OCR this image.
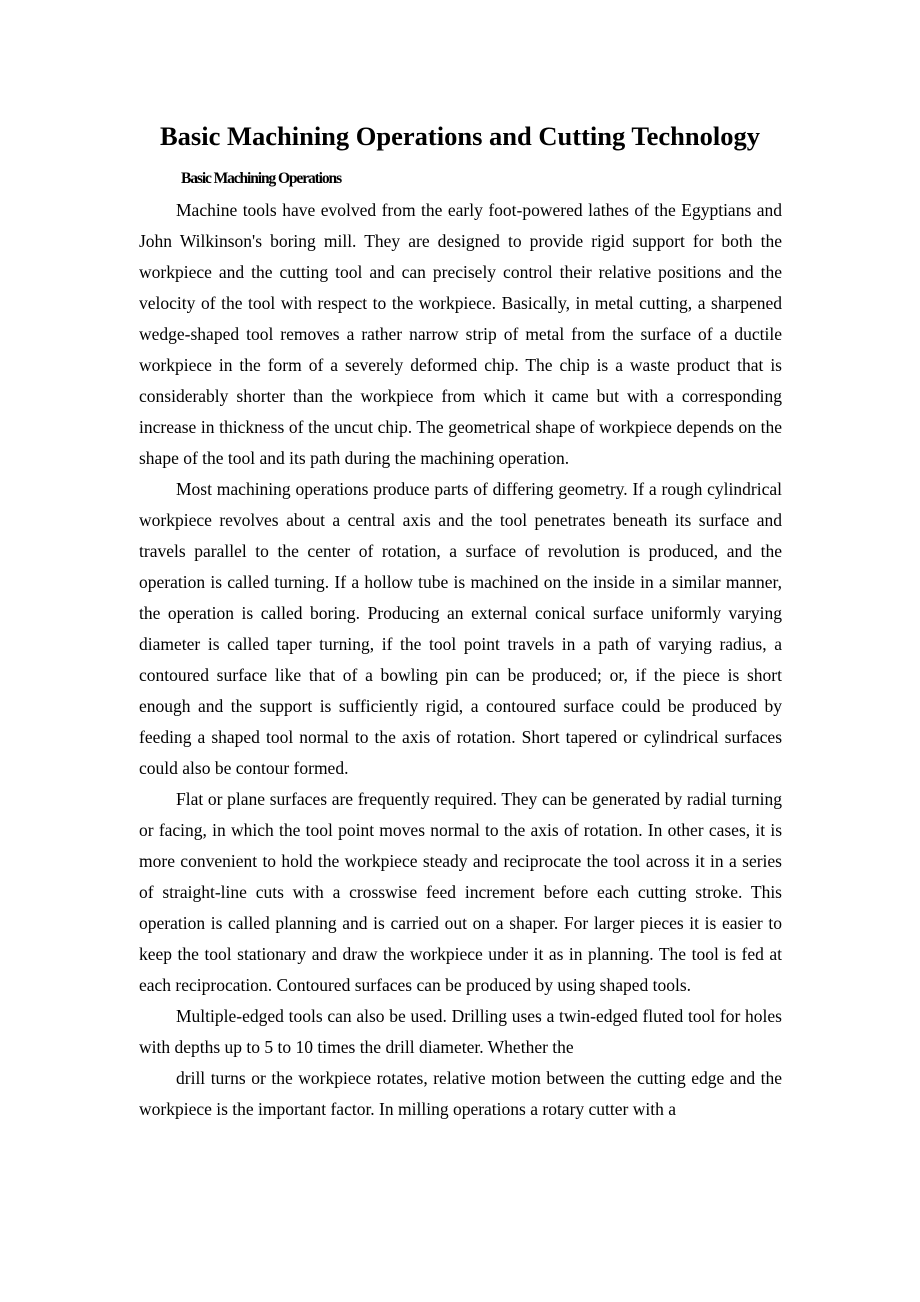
Basic Machining Operations and Cutting Technology
Basic Machining Operations

Machine tools have evolved from the early foot-powered lathes of the Egyptians and John Wilkinson's boring mill. They are designed to provide rigid support for both the workpiece and the cutting tool and can precisely control their relative positions and the velocity of the tool with respect to the workpiece. Basically, in metal cutting, a sharpened wedge-shaped tool removes a rather narrow strip of metal from the surface of a ductile workpiece in the form of a severely deformed chip. The chip is a waste product that is considerably shorter than the workpiece from which it came but with a corresponding increase in thickness of the uncut chip. The geometrical shape of workpiece depends on the shape of the tool and its path during the machining operation.

Most machining operations produce parts of differing geometry. If a rough cylindrical workpiece revolves about a central axis and the tool penetrates beneath its surface and travels parallel to the center of rotation, a surface of revolution is produced, and the operation is called turning. If a hollow tube is machined on the inside in a similar manner, the operation is called boring. Producing an external conical surface uniformly varying diameter is called taper turning, if the tool point travels in a path of varying radius, a contoured surface like that of a bowling pin can be produced; or, if the piece is short enough and the support is sufficiently rigid, a contoured surface could be produced by feeding a shaped tool normal to the axis of rotation. Short tapered or cylindrical surfaces could also be contour formed.

Flat or plane surfaces are frequently required. They can be generated by radial turning or facing, in which the tool point moves normal to the axis of rotation. In other cases, it is more convenient to hold the workpiece steady and reciprocate the tool across it in a series of straight-line cuts with a crosswise feed increment before each cutting stroke. This operation is called planning and is carried out on a shaper. For larger pieces it is easier to keep the tool stationary and draw the workpiece under it as in planning. The tool is fed at each reciprocation. Contoured surfaces can be produced by using shaped tools.

Multiple-edged tools can also be used. Drilling uses a twin-edged fluted tool for holes with depths up to 5 to 10 times the drill diameter. Whether the

drill turns or the workpiece rotates, relative motion between the cutting edge and the workpiece is the important factor. In milling operations a rotary cutter with a
